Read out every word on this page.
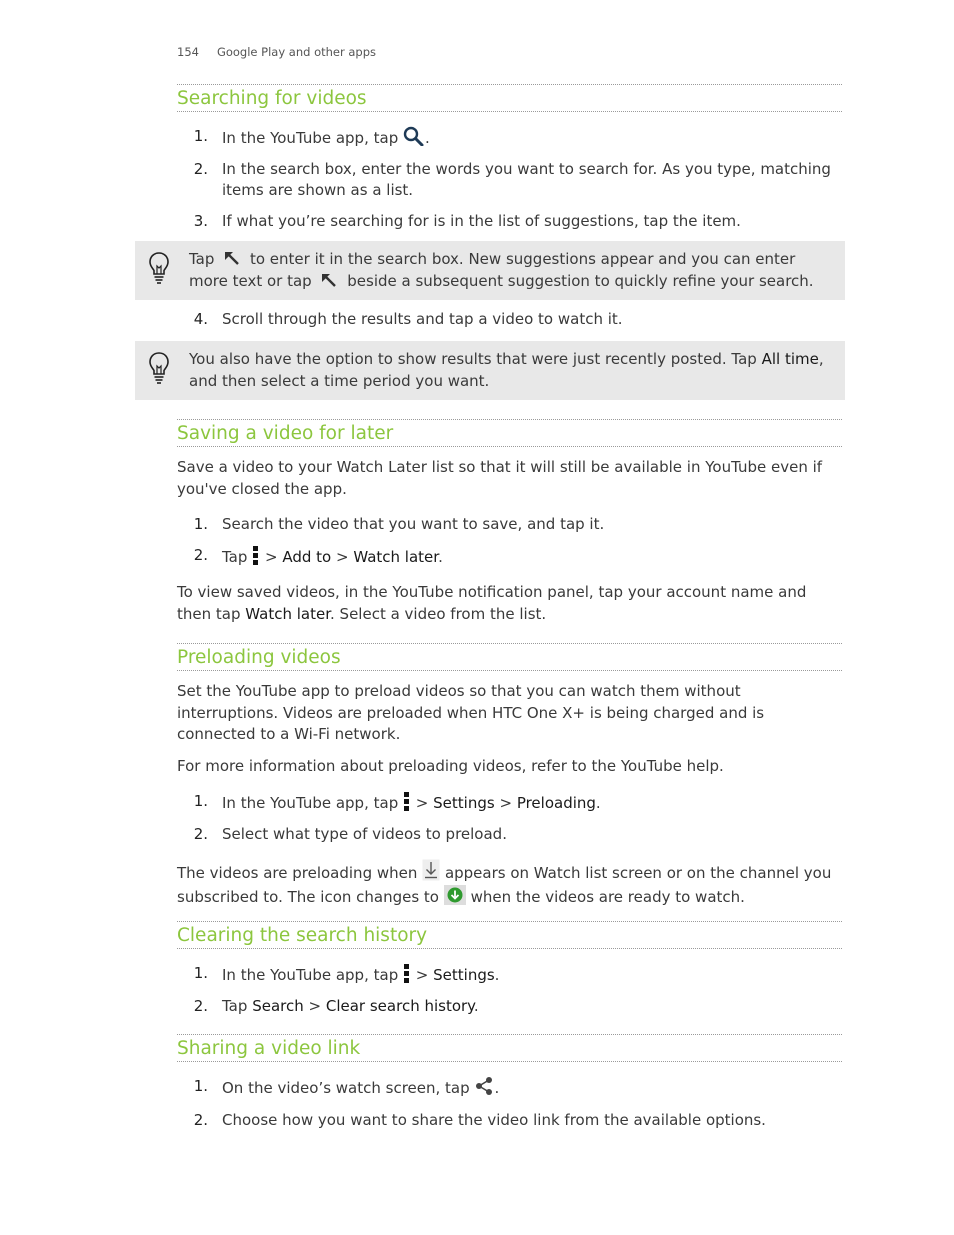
154 Google Play and other apps
Searching for videos
1. In the YouTube app, tap .
2. In the search box, enter the words you want to search for. As you type, matching items are shown as a list.
3. If what you’re searching for is in the list of suggestions, tap the item.
Tap to enter it in the search box. New suggestions appear and you can enter more text or tap beside a subsequent suggestion to quickly refine your search.
4. Scroll through the results and tap a video to watch it.
You also have the option to show results that were just recently posted. Tap All time, and then select a time period you want.
Saving a video for later

Save a video to your Watch Later list so that it will still be available in YouTube even if you've closed the app.

1. Search the video that you want to save, and tap it.
2. Tap > Add to > Watch later.

To view saved videos, in the YouTube notification panel, tap your account name and then tap Watch later. Select a video from the list.

Preloading videos

Set the YouTube app to preload videos so that you can watch them without interruptions. Videos are preloaded when HTC One X+ is being charged and is connected to a Wi-Fi network.

For more information about preloading videos, refer to the YouTube help.

1. In the YouTube app, tap > Settings > Preloading.
2. Select what type of videos to preload.

The videos are preloading when appears on Watch list screen or on the channel you subscribed to. The icon changes to when the videos are ready to watch.

Clearing the search history
1. In the YouTube app, tap > Settings.
2. Tap Search > Clear search history.
Sharing a video link
1. On the video’s watch screen, tap .
2. Choose how you want to share the video link from the available options.
